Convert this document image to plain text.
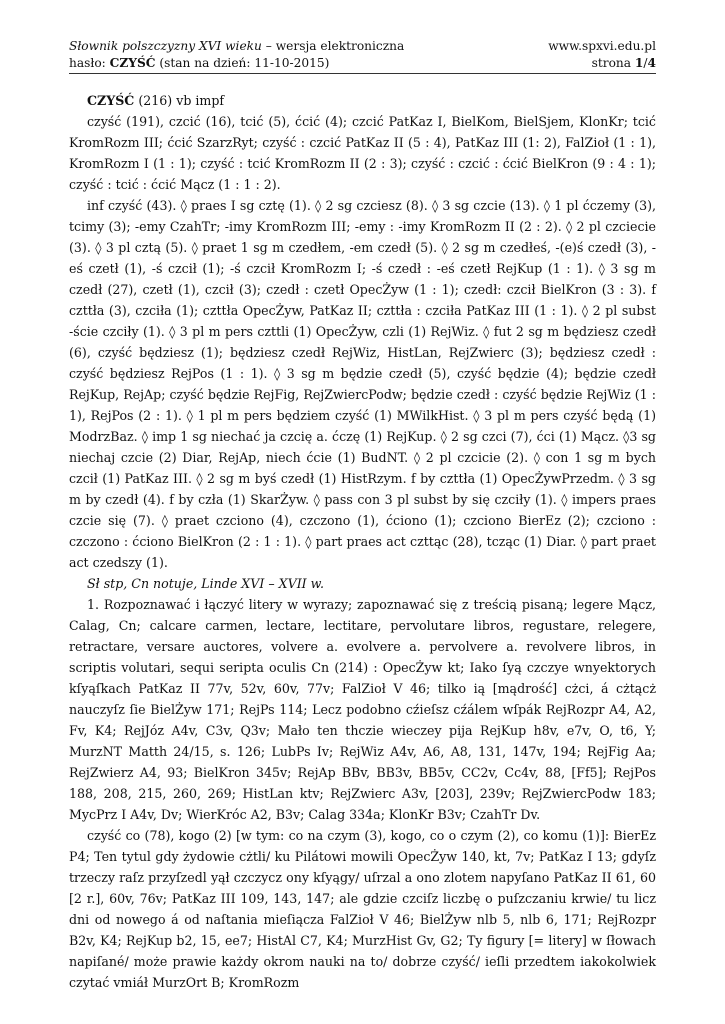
Słownik polszczyzny XVI wieku – wersja elektroniczna	www.spxvi.edu.pl
hasło: CZYŚĆ (stan na dzień: 11-10-2015)	strona 1/4

CZYŚĆ (216) vb impf

czyść (191), czcić (16), tcić (5), ćcić (4); czcić PatKaz I, BielKom, BielSjem, KlonKr; tcić KromRozm III; ćcić SzarzRyt; czyść : czcić PatKaz II (5 : 4), PatKaz III (1: 2), FalZioł (1 : 1), KromRozm I (1 : 1); czyść : tcić KromRozm II (2 : 3); czyść : czcić : ćcić BielKron (9 : 4 : 1); czyść : tcić : ćcić Mącz (1 : 1 : 2).

inf czyść (43). ◊ praes I sg cztę (1). ◊ 2 sg czciesz (8). ◊ 3 sg czcie (13). ◊ 1 pl ćczemy (3), tcimy (3); -emy CzahTr; -imy KromRozm III; -emy : -imy KromRozm II (2 : 2). ◊ 2 pl czciecie (3). ◊ 3 pl cztą (5). ◊ praet 1 sg m czedłem, -em czedł (5). ◊ 2 sg m czedłeś, -(e)ś czedł (3), -eś czetł (1), -ś czcił (1); -ś czcił KromRozm I; -ś czedł : -eś czetł RejKup (1 : 1). ◊ 3 sg m czedł (27), czetł (1), czcił (3); czedł : czetł OpecŻyw (1 : 1); czedł: czcił BielKron (3 : 3). f czttła (3), czciła (1); czttła OpecŻyw, PatKaz II; czttła : czciła PatKaz III (1 : 1). ◊ 2 pl subst -ście czciły (1). ◊ 3 pl m pers czttli (1) OpecŻyw, czli (1) RejWiz. ◊ fut 2 sg m będziesz czedł (6), czyść będziesz (1); będziesz czedł RejWiz, HistLan, RejZwierc (3); będziesz czedł : czyść będziesz RejPos (1 : 1). ◊ 3 sg m będzie czedł (5), czyść będzie (4); będzie czedł RejKup, RejAp; czyść będzie RejFig, RejZwiercPodw; będzie czedł : czyść będzie RejWiz (1 : 1), RejPos (2 : 1). ◊ 1 pl m pers będziem czyść (1) MWilkHist. ◊ 3 pl m pers czyść będą (1) ModrzBaz. ◊ imp 1 sg niechać ja czcię a. ćczę (1) RejKup. ◊ 2 sg czci (7), ćci (1) Mącz. ◊3 sg niechaj czcie (2) Diar, RejAp, niech ćcie (1) BudNT. ◊ 2 pl czcicie (2). ◊ con 1 sg m bych czcił (1) PatKaz III. ◊ 2 sg m byś czedł (1) HistRzym. f by czttła (1) OpecŻywPrzedm. ◊ 3 sg m by czedł (4). f by czła (1) SkarŻyw. ◊ pass con 3 pl subst by się czciły (1). ◊ impers praes czcie się (7). ◊ praet czciono (4), czczono (1), ćciono (1); czciono BierEz (2); czciono : czczono : ćciono BielKron (2 : 1 : 1). ◊ part praes act czttąc (28), tcząc (1) Diar. ◊ part praet act czedszy (1).

Sł stp, Cn notuje, Linde XVI – XVII w.

1. Rozpoznawać i łączyć litery w wyrazy; zapoznawać się z treścią pisaną; legere Mącz, Calag, Cn; calcare carmen, lectare, lectitare, pervolutare libros, regustare, relegere, retractare, versare auctores, volvere a. evolvere a. pervolvere a. revolvere libros, in scriptis volutari, sequi seripta oculis Cn (214) : OpecŻyw kt; Iako ſyą czczye wnyektorych kſyąſkach PatKaz II 77v, 52v, 60v, 77v; FalZioł V 46; tilko ią [mądrość] cżci, á cżtącż nauczyſz ſie BielŻyw 171; RejPs 114; Lecz podobno cźieſsz cźálem wſpák RejRozpr A4, A2, Fv, K4; RejJóz A4v, C3v, Q3v; Mało ten thczie wieczey pija RejKup h8v, e7v, O, t6, Y; MurzNT Matth 24/15, s. 126; LubPs Iv; RejWiz A4v, A6, A8, 131, 147v, 194; RejFig Aa; RejZwierz A4, 93; BielKron 345v; RejAp BBv, BB3v, BB5v, CC2v, Cc4v, 88, [Ff5]; RejPos 188, 208, 215, 260, 269; HistLan ktv; RejZwierc A3v, [203], 239v; RejZwiercPodw 183; MycPrz I A4v, Dv; WierKróc A2, B3v; Calag 334a; KlonKr B3v; CzahTr Dv.

czyść co (78), kogo (2) [w tym: co na czym (3), kogo, co o czym (2), co komu (1)]: BierEz P4; Ten tytul gdy żydowie cżtli/ ku Pilátowi mowili OpecŻyw 140, kt, 7v; PatKaz I 13; gdyſz trzeczy raſz przyſzedl yął czczycz ony kſyągy/ uſrzal a ono zlotem napyſano PatKaz II 61, 60 [2 r.], 60v, 76v; PatKaz III 109, 143, 147; ale gdzie czciſz liczbę o puſzczaniu krwie/ tu licz dni od nowego á od naſtania mieſiącza FalZioł V 46; BielŻyw nlb 5, nlb 6, 171; RejRozpr B2v, K4; RejKup b2, 15, ee7; HistAl C7, K4; MurzHist Gv, G2; Ty figury [= litery] w ſłowach napiſané/ może prawie każdy okrom nauki na to/ dobrze czyść/ ieſli przedtem iakokolwiek czytać vmiáł MurzOrt B; KromRozm
